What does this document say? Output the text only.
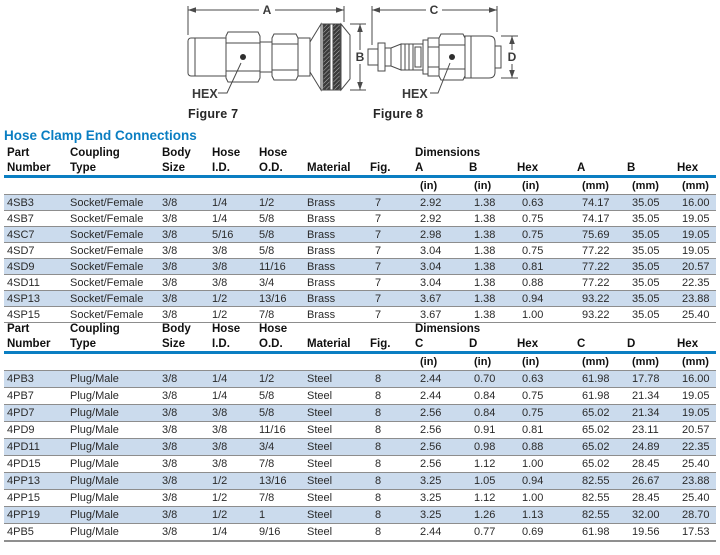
A
B
HEX
C
D
HEX
Figure 7	Figure 8
Hose Clamp End Connections
Part	Coupling	Body	Hose	Hose			Dimensions					
Number	Type	Size	I.D.	O.D.	Material	Fig.	A	B	Hex	A	B	Hex
							(in)	(in)	(in)	(mm)	(mm)	(mm)
4SB3	Socket/Female	3/8	1/4	1/2	Brass	7	2.92	1.38	0.63	74.17	35.05	16.00
4SB7	Socket/Female	3/8	1/4	5/8	Brass	7	2.92	1.38	0.75	74.17	35.05	19.05
4SC7	Socket/Female	3/8	5/16	5/8	Brass	7	2.98	1.38	0.75	75.69	35.05	19.05
4SD7	Socket/Female	3/8	3/8	5/8	Brass	7	3.04	1.38	0.75	77.22	35.05	19.05
4SD9	Socket/Female	3/8	3/8	11/16	Brass	7	3.04	1.38	0.81	77.22	35.05	20.57
4SD11	Socket/Female	3/8	3/8	3/4	Brass	7	3.04	1.38	0.88	77.22	35.05	22.35
4SP13	Socket/Female	3/8	1/2	13/16	Brass	7	3.67	1.38	0.94	93.22	35.05	23.88
4SP15	Socket/Female	3/8	1/2	7/8	Brass	7	3.67	1.38	1.00	93.22	35.05	25.40
Part	Coupling	Body	Hose	Hose			Dimensions					
Number	Type	Size	I.D.	O.D.	Material	Fig.	C	D	Hex	C	D	Hex
							(in)	(in)	(in)	(mm)	(mm)	(mm)
4PB3	Plug/Male	3/8	1/4	1/2	Steel	8	2.44	0.70	0.63	61.98	17.78	16.00
4PB7	Plug/Male	3/8	1/4	5/8	Steel	8	2.44	0.84	0.75	61.98	21.34	19.05
4PD7	Plug/Male	3/8	3/8	5/8	Steel	8	2.56	0.84	0.75	65.02	21.34	19.05
4PD9	Plug/Male	3/8	3/8	11/16	Steel	8	2.56	0.91	0.81	65.02	23.11	20.57
4PD11	Plug/Male	3/8	3/8	3/4	Steel	8	2.56	0.98	0.88	65.02	24.89	22.35
4PD15	Plug/Male	3/8	3/8	7/8	Steel	8	2.56	1.12	1.00	65.02	28.45	25.40
4PP13	Plug/Male	3/8	1/2	13/16	Steel	8	3.25	1.05	0.94	82.55	26.67	23.88
4PP15	Plug/Male	3/8	1/2	7/8	Steel	8	3.25	1.12	1.00	82.55	28.45	25.40
4PP19	Plug/Male	3/8	1/2	1	Steel	8	3.25	1.26	1.13	82.55	32.00	28.70
4PB5	Plug/Male	3/8	1/4	9/16	Steel	8	2.44	0.77	0.69	61.98	19.56	17.53
